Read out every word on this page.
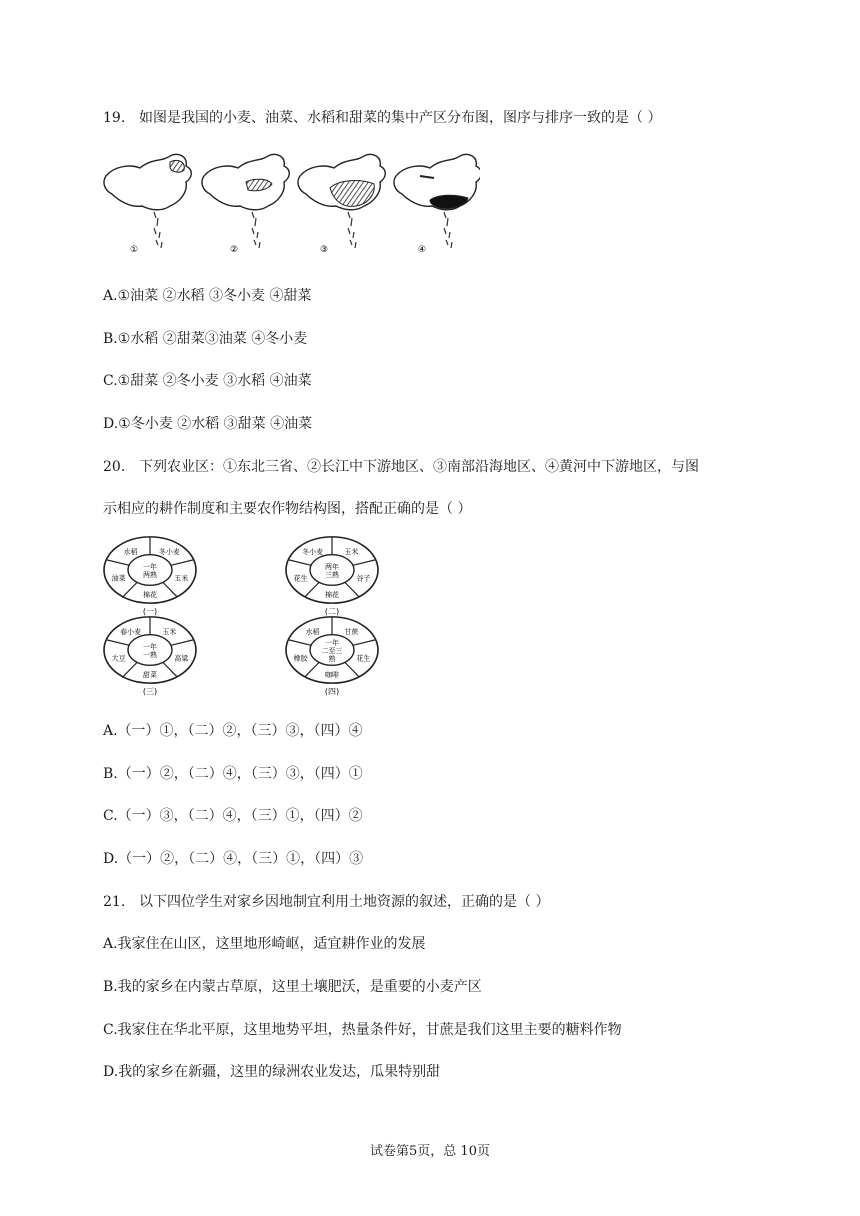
19. 如图是我国的小麦、油菜、水稻和甜菜的集中产区分布图，图序与排序一致的是（ ）
①	②	③	④
A.①油菜 ②水稻 ③冬小麦 ④甜菜
B.①水稻 ②甜菜③油菜 ④冬小麦
C.①甜菜 ②冬小麦 ③水稻 ④油菜
D.①冬小麦 ②水稻 ③甜菜 ④油菜
20. 下列农业区：①东北三省、②长江中下游地区、③南部沿海地区、④黄河中下游地区，与图
示相应的耕作制度和主要农作物结构图，搭配正确的是（ ）
冬小麦
玉米
棉花
油菜
水稻
一年
两熟
(一)
玉米
谷子
棉花
花生
冬小麦
两年
三熟
(二)
玉米
高粱
甜菜
大豆
春小麦
一年
一熟
(三)
甘蔗
花生
咖啡
橡胶
水稻
一年
二至三
熟
(四)
A.（一）①，（二）②，（三）③，（四）④
B.（一）②，（二）④，（三）③，（四）①
C.（一）③，（二）④，（三）①，（四）②
D.（一）②，（二）④，（三）①，（四）③
21. 以下四位学生对家乡因地制宜利用土地资源的叙述，正确的是（ ）
A.我家住在山区，这里地形崎岖，适宜耕作业的发展
B.我的家乡在内蒙古草原，这里土壤肥沃，是重要的小麦产区
C.我家住在华北平原，这里地势平坦，热量条件好，甘蔗是我们这里主要的糖料作物
D.我的家乡在新疆，这里的绿洲农业发达，瓜果特别甜
试卷第5页，总 10页
